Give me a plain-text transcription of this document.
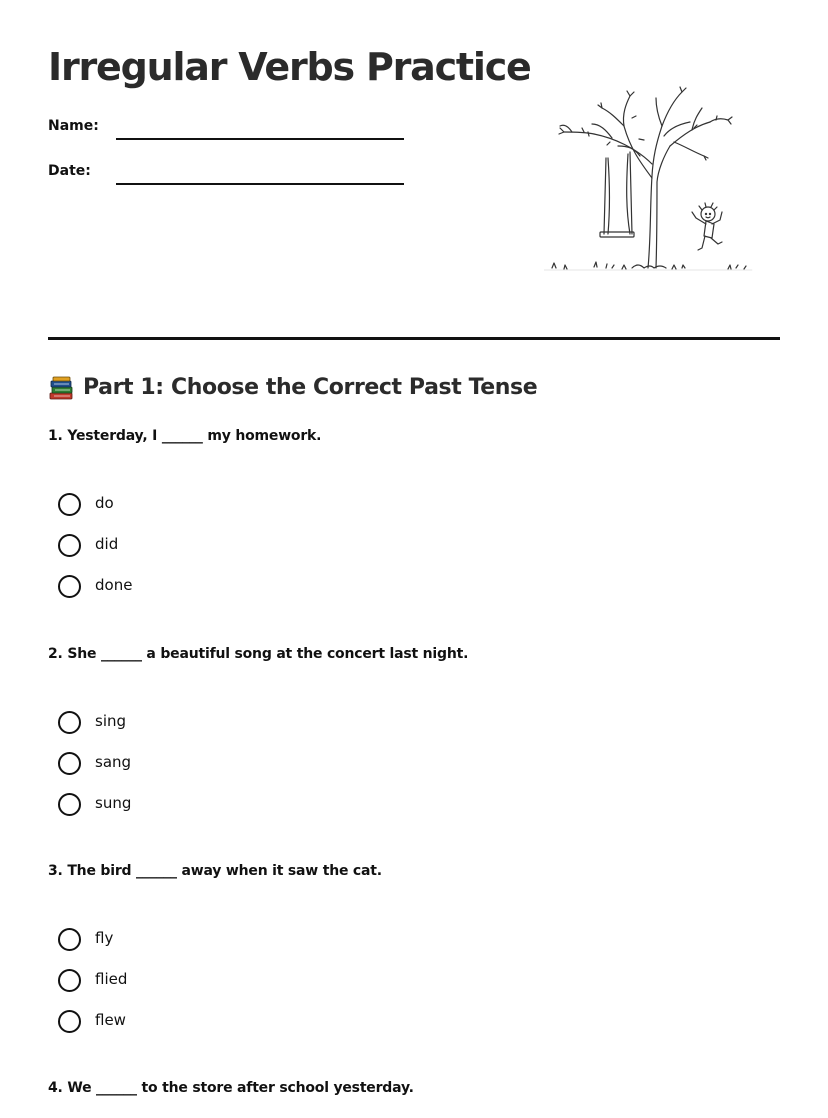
Irregular Verbs Practice
Name:
Date:
Part 1: Choose the Correct Past Tense
1. Yesterday, I ______ my homework.
do
did
done
2. She ______ a beautiful song at the concert last night.
sing
sang
sung
3. The bird ______ away when it saw the cat.
fly
flied
flew
4. We ______ to the store after school yesterday.
